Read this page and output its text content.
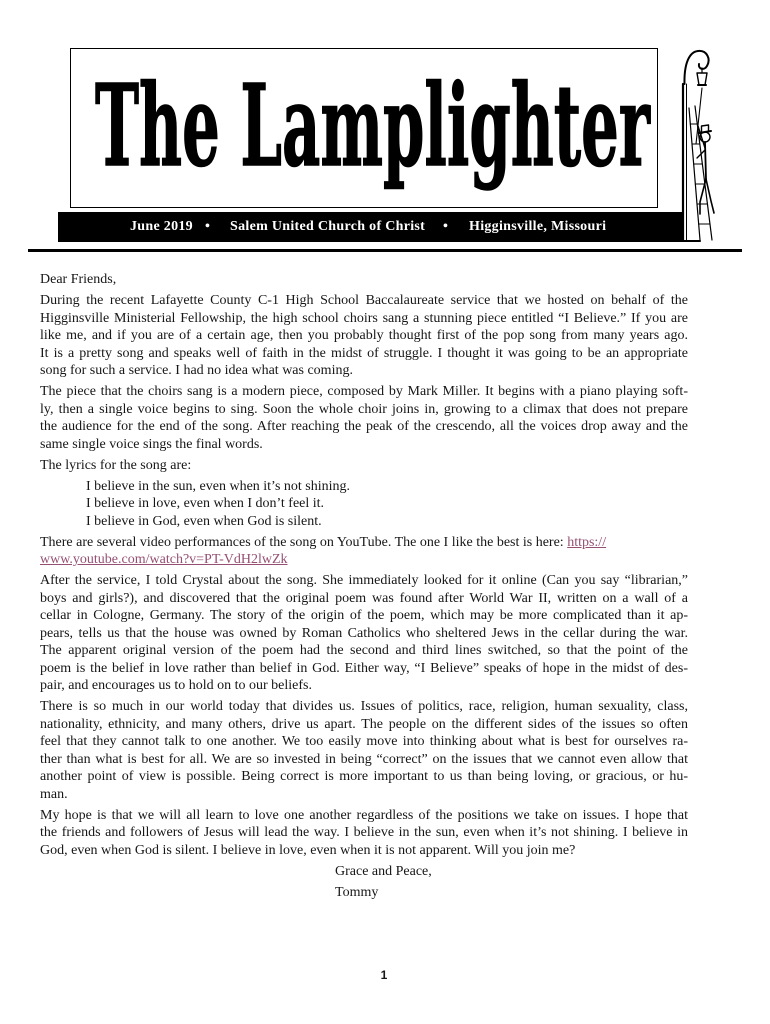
The Lamplighter
June 2019 • Salem United Church of Christ • Higginsville, Missouri
Dear Friends,
During the recent Lafayette County C-1 High School Baccalaureate service that we hosted on behalf of the
Higginsville Ministerial Fellowship, the high school choirs sang a stunning piece entitled “I Believe.” If you are
like me, and if you are of a certain age, then you probably thought first of the pop song from many years ago.
It is a pretty song and speaks well of faith in the midst of struggle. I thought it was going to be an appropriate
song for such a service. I had no idea what was coming.
The piece that the choirs sang is a modern piece, composed by Mark Miller. It begins with a piano playing soft-
ly, then a single voice begins to sing. Soon the whole choir joins in, growing to a climax that does not prepare
the audience for the end of the song. After reaching the peak of the crescendo, all the voices drop away and the
same single voice sings the final words.
The lyrics for the song are:
I believe in the sun, even when it’s not shining.
I believe in love, even when I don’t feel it.
I believe in God, even when God is silent.
There are several video performances of the song on YouTube. The one I like the best is here: https://
www.youtube.com/watch?v=PT-VdH2lwZk
After the service, I told Crystal about the song. She immediately looked for it online (Can you say “librarian,”
boys and girls?), and discovered that the original poem was found after World War II, written on a wall of a
cellar in Cologne, Germany. The story of the origin of the poem, which may be more complicated than it ap-
pears, tells us that the house was owned by Roman Catholics who sheltered Jews in the cellar during the war.
The apparent original version of the poem had the second and third lines switched, so that the point of the
poem is the belief in love rather than belief in God. Either way, “I Believe” speaks of hope in the midst of des-
pair, and encourages us to hold on to our beliefs.
There is so much in our world today that divides us. Issues of politics, race, religion, human sexuality, class,
nationality, ethnicity, and many others, drive us apart. The people on the different sides of the issues so often
feel that they cannot talk to one another. We too easily move into thinking about what is best for ourselves ra-
ther than what is best for all. We are so invested in being “correct” on the issues that we cannot even allow that
another point of view is possible. Being correct is more important to us than being loving, or gracious, or hu-
man.
My hope is that we will all learn to love one another regardless of the positions we take on issues. I hope that
the friends and followers of Jesus will lead the way. I believe in the sun, even when it’s not shining. I believe in
God, even when God is silent. I believe in love, even when it is not apparent. Will you join me?
Grace and Peace,
Tommy
1
